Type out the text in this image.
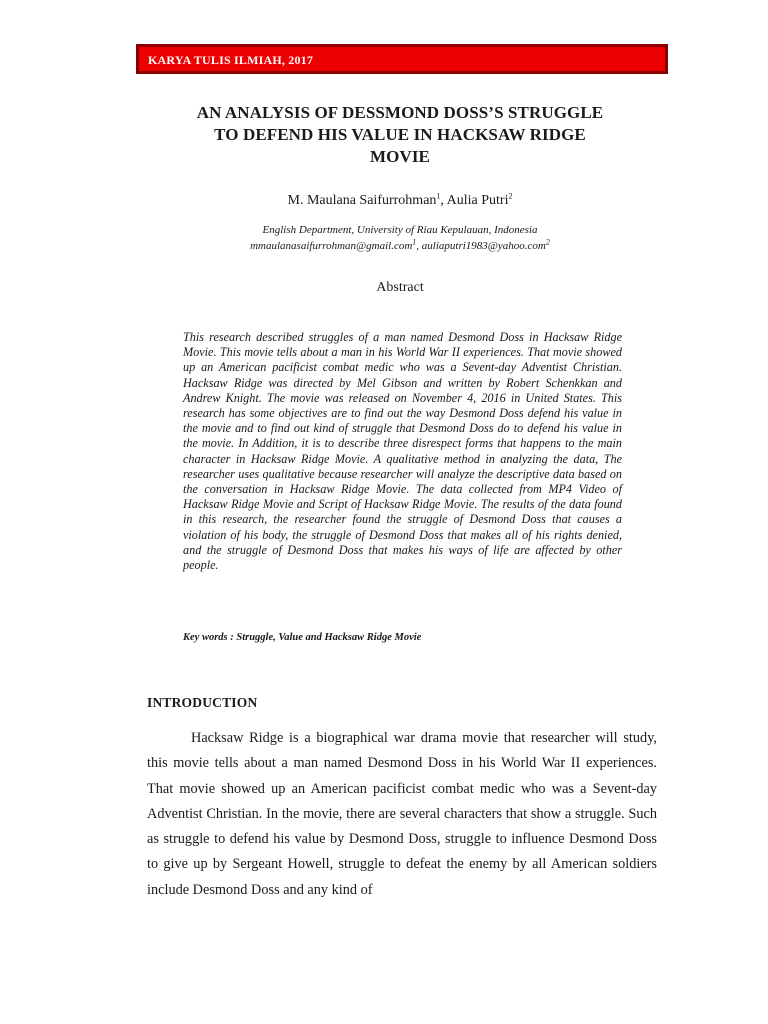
KARYA TULIS ILMIAH, 2017
AN ANALYSIS OF DESSMOND DOSS’S STRUGGLE
TO DEFEND HIS VALUE IN HACKSAW RIDGE
MOVIE
M. Maulana Saifurrohman$^1$, Aulia Putri$^2$
English Department, University of Riau Kepulauan, Indonesia
mmaulanasaifurrohman@gmail.com$^1$, auliaputri1983@yahoo.com$^2$
Abstract
This research described struggles of a man named Desmond Doss in Hacksaw Ridge Movie. This movie tells about a man in his World War II experiences. That movie showed up an American pacificist combat medic who was a Sevent-day Adventist Christian. Hacksaw Ridge was directed by Mel Gibson and written by Robert Schenkkan and Andrew Knight. The movie was released on November 4, 2016 in United States. This research has some objectives are to find out the way Desmond Doss defend his value in the movie and to find out kind of struggle that Desmond Doss do to defend his value in the movie. In Addition, it is to describe three disrespect forms that happens to the main character in Hacksaw Ridge Movie. A qualitative method in analyzing the data, The researcher uses qualitative because researcher will analyze the descriptive data based on the conversation in Hacksaw Ridge Movie. The data collected from MP4 Video of Hacksaw Ridge Movie and Script of Hacksaw Ridge Movie. The results of the data found in this research, the researcher found the struggle of Desmond Doss that causes a violation of his body, the struggle of Desmond Doss that makes all of his rights denied, and the struggle of Desmond Doss that makes his ways of life are affected by other people.
Key words : Struggle, Value and Hacksaw Ridge Movie
INTRODUCTION
Hacksaw Ridge is a biographical war drama movie that researcher will study, this movie tells about a man named Desmond Doss in his World War II experiences. That movie showed up an American pacificist combat medic who was a Sevent-day Adventist Christian. In the movie, there are several characters that show a struggle. Such as struggle to defend his value by Desmond Doss, struggle to influence Desmond Doss to give up by Sergeant Howell, struggle to defeat the enemy by all American soldiers include Desmond Doss and any kind of
